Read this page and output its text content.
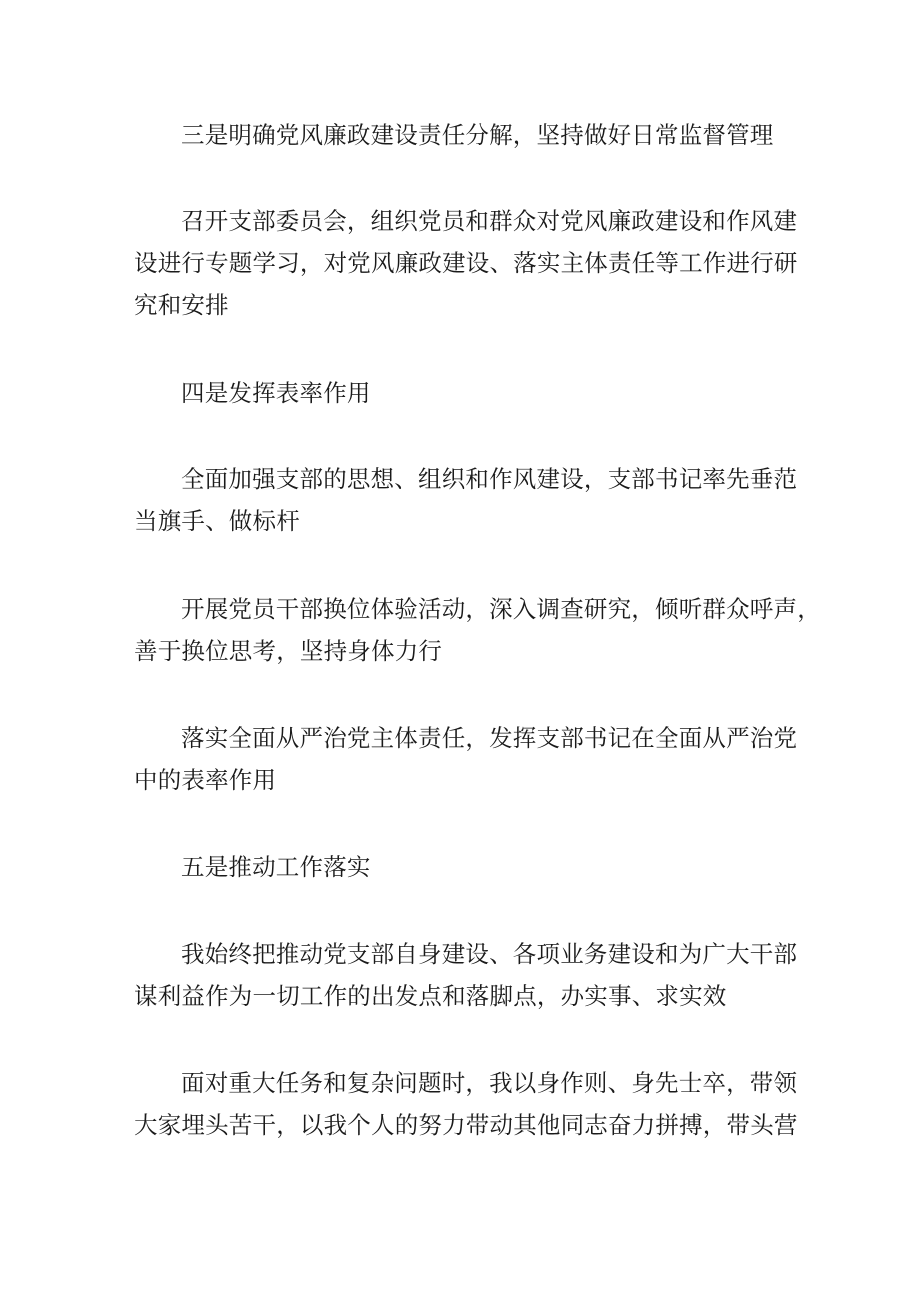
三是明确党风廉政建设责任分解，坚持做好日常监督管理
召开支部委员会，组织党员和群众对党风廉政建设和作风建
设进行专题学习，对党风廉政建设、落实主体责任等工作进行研
究和安排
四是发挥表率作用
全面加强支部的思想、组织和作风建设，支部书记率先垂范
当旗手、做标杆
开展党员干部换位体验活动，深入调查研究，倾听群众呼声，
善于换位思考，坚持身体力行
落实全面从严治党主体责任，发挥支部书记在全面从严治党
中的表率作用
五是推动工作落实
我始终把推动党支部自身建设、各项业务建设和为广大干部
谋利益作为一切工作的出发点和落脚点，办实事、求实效
面对重大任务和复杂问题时，我以身作则、身先士卒，带领
大家埋头苦干，以我个人的努力带动其他同志奋力拼搏，带头营
